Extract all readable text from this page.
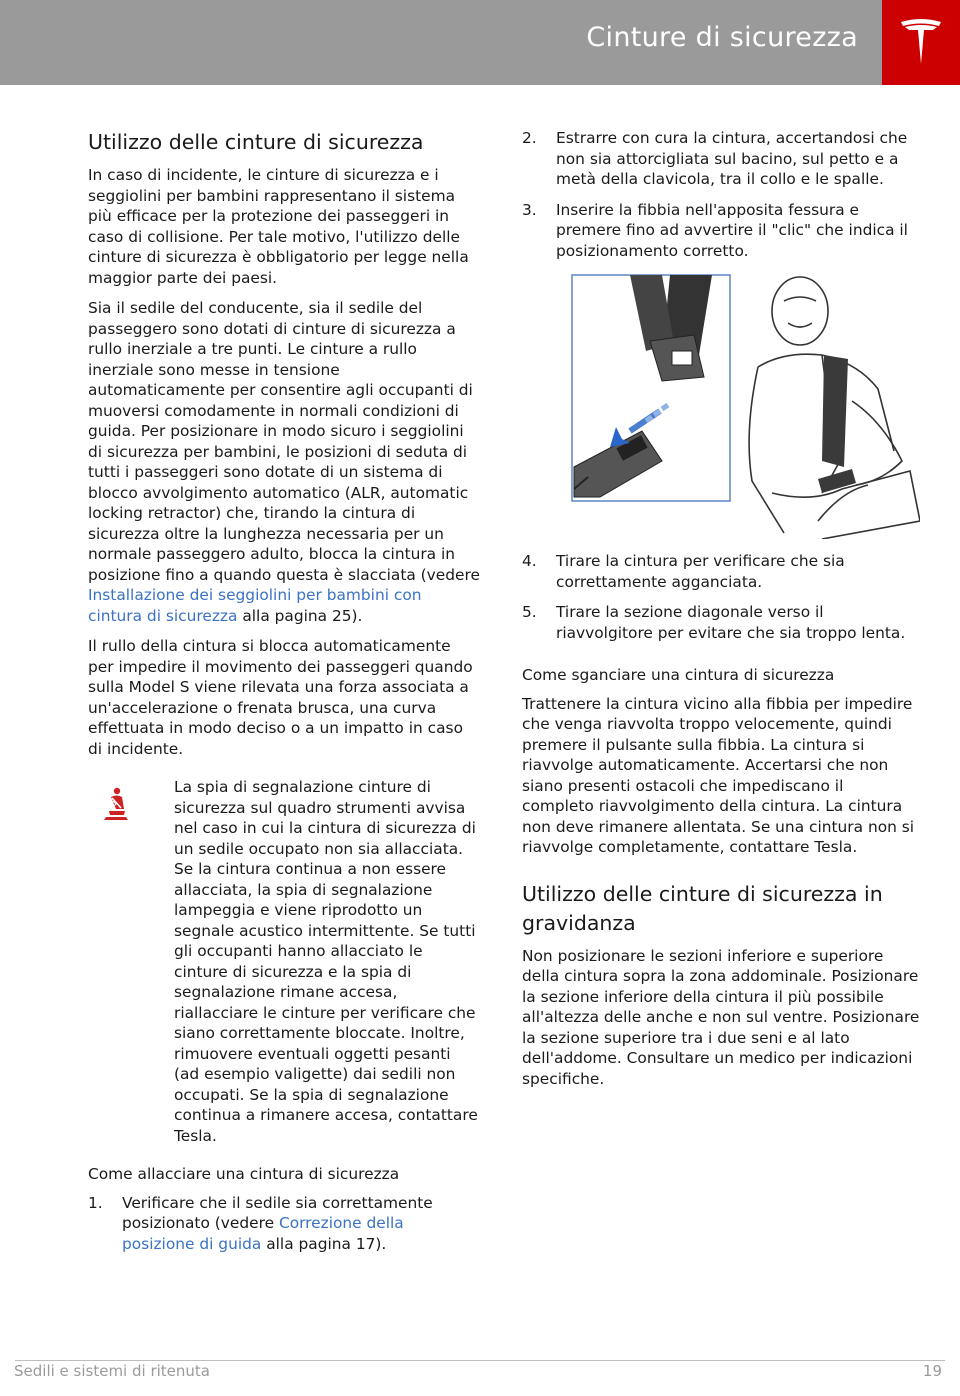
Cinture di sicurezza
Utilizzo delle cinture di sicurezza

In caso di incidente, le cinture di sicurezza e i seggiolini per bambini rappresentano il sistema più efficace per la protezione dei passeggeri in caso di collisione. Per tale motivo, l'utilizzo delle cinture di sicurezza è obbligatorio per legge nella maggior parte dei paesi.

Sia il sedile del conducente, sia il sedile del passeggero sono dotati di cinture di sicurezza a rullo inerziale a tre punti. Le cinture a rullo inerziale sono messe in tensione automaticamente per consentire agli occupanti di muoversi comodamente in normali condizioni di guida. Per posizionare in modo sicuro i seggiolini di sicurezza per bambini, le posizioni di seduta di tutti i passeggeri sono dotate di un sistema di blocco avvolgimento automatico (ALR, automatic locking retractor) che, tirando la cintura di sicurezza oltre la lunghezza necessaria per un normale passeggero adulto, blocca la cintura in posizione fino a quando questa è slacciata (vedere Installazione dei seggiolini per bambini con cintura di sicurezza alla pagina 25).

Il rullo della cintura si blocca automaticamente per impedire il movimento dei passeggeri quando sulla Model S viene rilevata una forza associata a un'accelerazione o frenata brusca, una curva effettuata in modo deciso o a un impatto in caso di incidente.

La spia di segnalazione cinture di sicurezza sul quadro strumenti avvisa nel caso in cui la cintura di sicurezza di un sedile occupato non sia allacciata. Se la cintura continua a non essere allacciata, la spia di segnalazione lampeggia e viene riprodotto un segnale acustico intermittente. Se tutti gli occupanti hanno allacciato le cinture di sicurezza e la spia di segnalazione rimane accesa, riallacciare le cinture per verificare che siano correttamente bloccate. Inoltre, rimuovere eventuali oggetti pesanti (ad esempio valigette) dai sedili non occupati. Se la spia di segnalazione continua a rimanere accesa, contattare Tesla.
Come allacciare una cintura di sicurezza
1.	Verificare che il sedile sia correttamente posizionato (vedere Correzione della posizione di guida alla pagina 17).
2.	Estrarre con cura la cintura, accertandosi che non sia attorcigliata sul bacino, sul petto e a metà della clavicola, tra il collo e le spalle.
3.	Inserire la fibbia nell'apposita fessura e premere fino ad avvertire il "clic" che indica il posizionamento corretto.
4.	Tirare la cintura per verificare che sia correttamente agganciata.
5.	Tirare la sezione diagonale verso il riavvolgitore per evitare che sia troppo lenta.
Come sganciare una cintura di sicurezza

Trattenere la cintura vicino alla fibbia per impedire che venga riavvolta troppo velocemente, quindi premere il pulsante sulla fibbia. La cintura si riavvolge automaticamente. Accertarsi che non siano presenti ostacoli che impediscano il completo riavvolgimento della cintura. La cintura non deve rimanere allentata. Se una cintura non si riavvolge completamente, contattare Tesla.

Utilizzo delle cinture di sicurezza in gravidanza

Non posizionare le sezioni inferiore e superiore della cintura sopra la zona addominale. Posizionare la sezione inferiore della cintura il più possibile all'altezza delle anche e non sul ventre. Posizionare la sezione superiore tra i due seni e al lato dell'addome. Consultare un medico per indicazioni specifiche.

Sedili e sistemi di ritenuta	19
